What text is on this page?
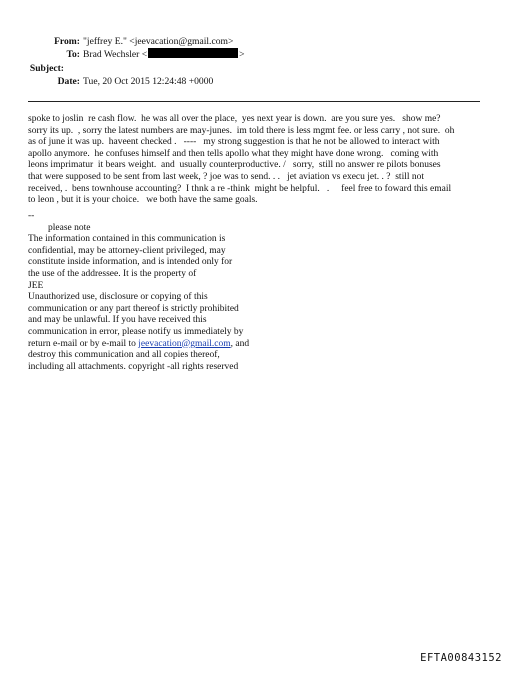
From: "jeffrey E." <jeevacation@gmail.com>
To: Brad Wechsler <	>
Subject:
Date: Tue, 20 Oct 2015 12:24:48 +0000
spoke to joslin  re cash flow.  he was all over the place,  yes next year is down.  are you sure yes.   show me?
sorry its up.  , sorry the latest numbers are may-junes.  im told there is less mgmt fee. or less carry , not sure.  oh
as of june it was up.  haveent checked .   ----   my strong suggestion is that he not be allowed to interact with
apollo anymore.  he confuses himself and then tells apollo what they might have done wrong.   coming with
leons imprimatur  it bears weight.  and  usually counterproductive. /   sorry,  still no answer re pilots bonuses
that were supposed to be sent from last week, ? joe was to send. . .   jet aviation vs execu jet. . ?  still not
received, .  bens townhouse accounting?  I thnk a re -think  might be helpful.   .     feel free to foward this email
to leon , but it is your choice.   we both have the same goals.
--
please note
The information contained in this communication is
confidential, may be attorney-client privileged, may
constitute inside information, and is intended only for
the use of the addressee. It is the property of
JEE
Unauthorized use, disclosure or copying of this
communication or any part thereof is strictly prohibited
and may be unlawful. If you have received this
communication in error, please notify us immediately by
return e-mail or by e-mail to jeevacation@gmail.com, and
destroy this communication and all copies thereof,
including all attachments. copyright -all rights reserved
EFTA00843152
